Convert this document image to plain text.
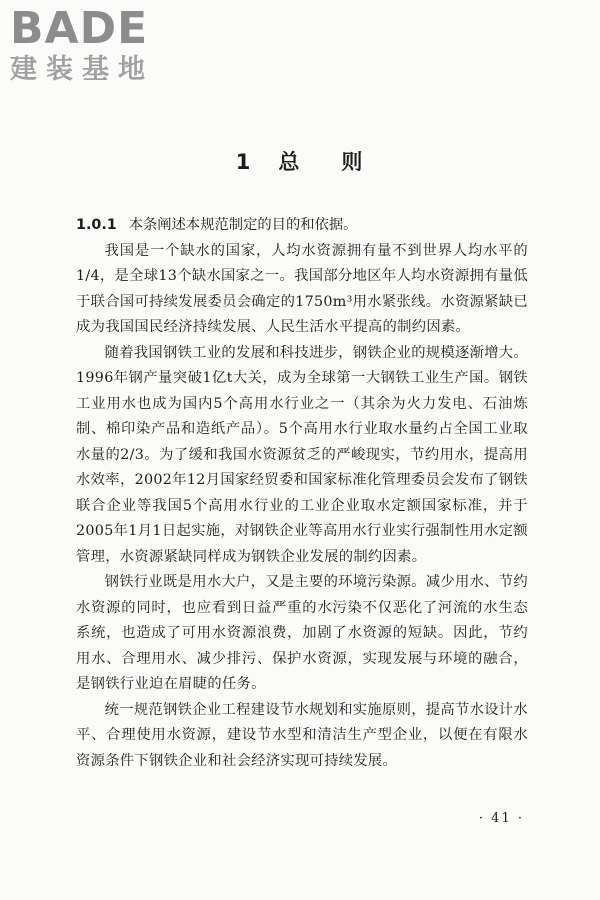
BADE
建装基地
1 总 则

1.0.1 本条阐述本规范制定的目的和依据。

我国是一个缺水的国家，人均水资源拥有量不到世界人均水平的1/4，是全球13个缺水国家之一。我国部分地区年人均水资源拥有量低于联合国可持续发展委员会确定的1750m³用水紧张线。水资源紧缺已成为我国国民经济持续发展、人民生活水平提高的制约因素。

随着我国钢铁工业的发展和科技进步，钢铁企业的规模逐渐增大。1996年钢产量突破1亿t大关，成为全球第一大钢铁工业生产国。钢铁工业用水也成为国内5个高用水行业之一（其余为火力发电、石油炼制、棉印染产品和造纸产品）。5个高用水行业取水量约占全国工业取水量的2/3。为了缓和我国水资源贫乏的严峻现实，节约用水，提高用水效率，2002年12月国家经贸委和国家标准化管理委员会发布了钢铁联合企业等我国5个高用水行业的工业企业取水定额国家标准，并于2005年1月1日起实施，对钢铁企业等高用水行业实行强制性用水定额管理，水资源紧缺同样成为钢铁企业发展的制约因素。

钢铁行业既是用水大户，又是主要的环境污染源。减少用水、节约水资源的同时，也应看到日益严重的水污染不仅恶化了河流的水生态系统，也造成了可用水资源浪费，加剧了水资源的短缺。因此，节约用水、合理用水、减少排污、保护水资源，实现发展与环境的融合，是钢铁行业迫在眉睫的任务。

统一规范钢铁企业工程建设节水规划和实施原则，提高节水设计水平、合理使用水资源，建设节水型和清洁生产型企业，以便在有限水资源条件下钢铁企业和社会经济实现可持续发展。

· 41 ·
